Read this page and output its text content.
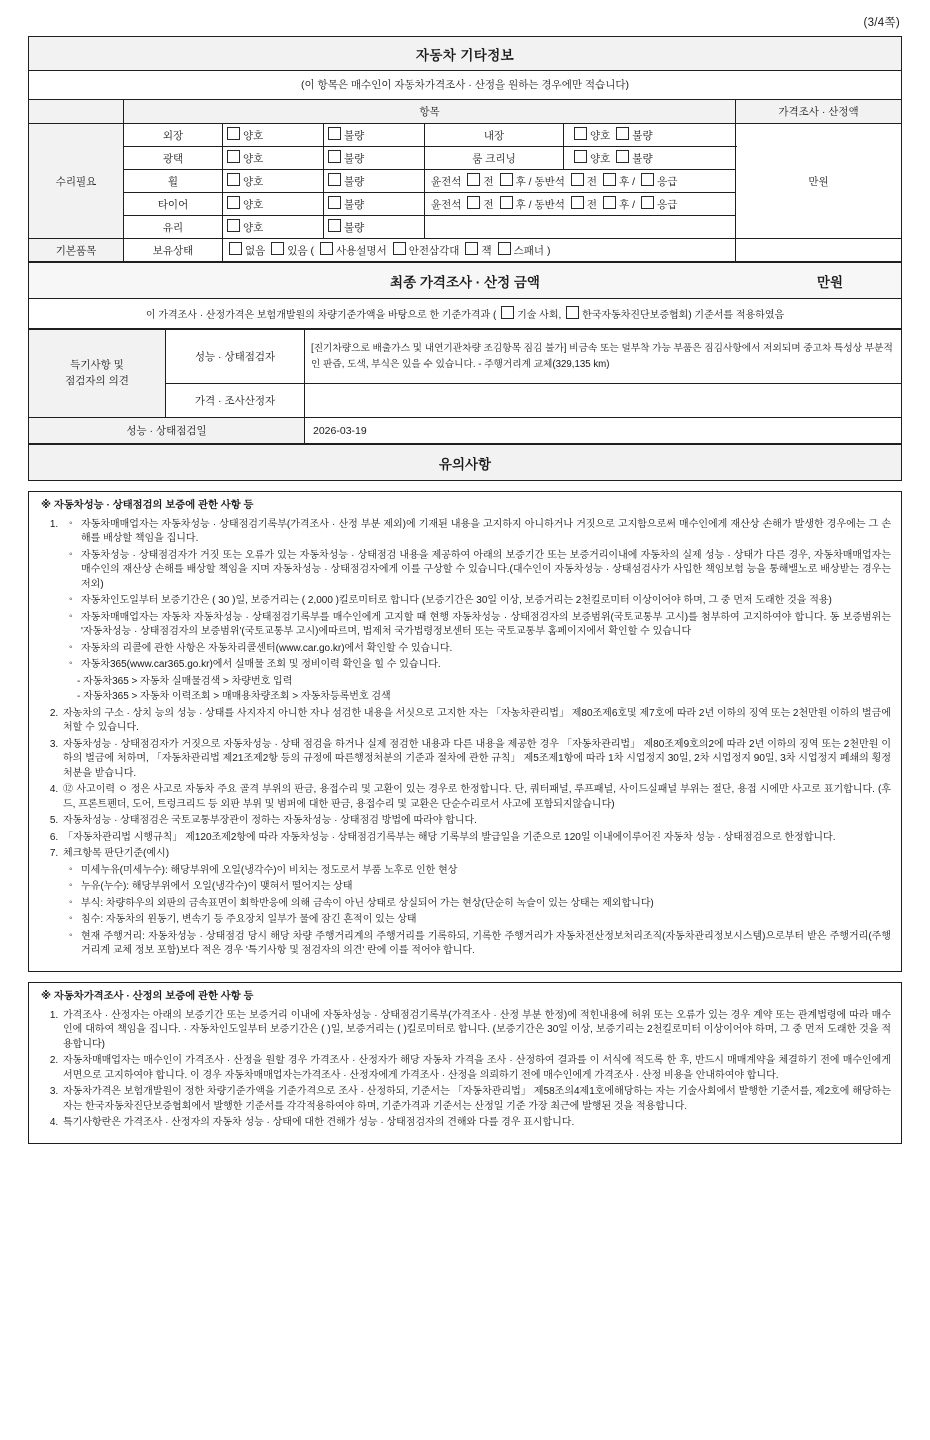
(3/4쪽)
자동차 기타정보						
(이 항목은 매수인이 자동차가격조사 · 산정을 원하는 경우에만 적습니다)						
	항목					가격조사 · 산정액
수리필요	외장	양호	불량	내장	양호 불량	만원
	광택	양호	불량	룸 크리닝	양호 불량	

휠	양호	불량	윤전석	전	후 / 동반석	전	후 /	응급

타이어	양호	불량	윤전석	전	후 / 동반석	전	후 /	응급

	유리	양호	불량			
기본품목	보유상태	없음	있음 (	사용설명서	안전삼각대	잭	스패너 )
최종 가격조사 · 산정 금액	만원

이 가격조사 · 산정가격은 보험개발원의 차량기준가액을 바탕으로 한 기준가격과 ( 기술 사회, 한국자동차진단보증협회) 기준서를 적용하였음
득기사항 및
점검자의 의견	성능 · 상태점검자	[진기차량으로 배출가스 및 내연기관차량 조김항목 짐김 불가] 비금속 또는 덜부착 가능 부품은 짐김사항에서 저외되며 중고차 특성상 부분적인 판즙, 도색, 부식은 있을 수 있습니다. - 주행거리계 교체(329,135 km)
	가격 · 조사산정자	
성능 · 상태점검일		2026-03-19
유의사항
※ 자동차성능 · 상태점검의 보증에 관한 사항 등
◦ 1. 자동차매매업자는 자동차성능 · 상태점검기록부(가격조사 · 산정 부분 제외)에 기재된 내용을 고지하지 아니하거나 거짓으로 고지함으로써 매수인에게 재산상 손해가 발생한 경우에는 그 손해를 배상할 책임을 집니다.
◦ 자동차성능 · 상태점검자가 거짓 또는 오류가 있는 자동차성능 · 상태점검 내용을 제공하여 아래의 보증기간 또는 보증거리이내에 자동차의 실제 성능 · 상태가 다른 경우, 자동차매매업자는 매수인의 재산상 손해를 배상할 책임을 지며 자동차성능 · 상태점검자에게 이를 구상할 수 있습니다.(대수인이 자동차성능 · 상태섬검사가 사입한 책임보험 능을 통해밸노로 배상받는 경우는 저외)
◦ 자동차인도일부터 보증기간은 ( 30 )일, 보증거리는 ( 2,000 )킬로미터로 합니다 (보증기간은 30일 이상, 보증거리는 2천킬로미터 이상이어야 하며, 그 중 먼저 도래한 것을 적용)
◦ 자동차매매업자는 자동차 자동차성능 · 상태점검기록부를 매수인에게 고지할 때 현행 자동차성능 · 상태점검자의 보증범위(국토교통부 고시)를 첨부하여 고지하여야 합니다. 동 보증범위는 '자동차성능 · 상태점검자의 보증범위'(국토교통부 고시)에따르며, 법제처 국가법령정보센터 또는 국토교통부 홈페이지에서 확인할 수 있습니다
◦ 자동차의 리콜에 관한 사항은 자동차리콜센터(www.car.go.kr)에서 확인할 수 있습니다.
◦ 자동차365(www.car365.go.kr)에서 실매물 조회 및 정비이력 확인을 힐 수 있습니다.
- 자동차365 > 자동차 실매물검색 > 차량번호 입력
- 자동차365 > 자동차 이력조회 > 매매용차량조회 > 자동차등록번호 검색
2. 자농차의 구소 · 상치 능의 성능 · 상태를 사지자지 아니한 자나 섬검한 내용을 서싯으로 고지한 자는 「자농차관리법」 제80조제6호및 제7호에 따라 2년 이하의 징역 또는 2천만원 이하의 벌금에 처할 수 있습니다.
3. 자동차성능 · 상태점검자가 거짓으로 자동차성능 · 상태 점검을 하거나 실제 점검한 내용과 다른 내용을 제공한 경우 「자동차관리법」 제80조제9호의2에 따라 2년 이하의 징역 또는 2천만원 이하의 벌금에 처하며, 「자동차관리법 제21조제2항 등의 규정에 따른행정처분의 기준과 절차에 관한 규칙」 제5조제1항에 따라 1차 시업정지 30일, 2차 시업정지 90일, 3차 시업정지 폐쇄의 횡정처분을 받습니다.
4. ⑫ 사고이력 ㅇ 정은 사고로 자동차 주요 골격 부위의 판금, 용접수리 및 고환이 있는 경우로 한정합니다. 단, 쿼터패널, 루프패널, 사이드실패널 부위는 절단, 용접 시에만 사고로 표기합니다. (후드, 프론트펜더, 도어, 트렁크리드 등 외판 부위 및 범퍼에 대한 판금, 용접수리 및 교환은 단순수리로서 사고에 포함되지않습니다)
5. 자동차성능 · 상태점검은 국토교통부장관이 정하는 자동차성능 · 상태점검 방법에 따라야 합니다.
6. 「자동차관리법 시행규칙」 제120조제2항에 따라 자동차성능 · 상태점검기록부는 해당 기록부의 발급일을 기준으로 120일 이내에이루어진 자동차 성능 · 상태점검으로 한정합니다.
7. 체크항목 판단기준(예시)
◦ 미세누유(미세누수): 해당부위에 오일(냉각수)이 비치는 정도로서 부품 노후로 인한 현상
◦ 누유(누수): 해당부위에서 오일(냉각수)이 맺혀서 떨어지는 상태
◦ 부식: 차량하우의 외판의 금속표면이 회학반응에 의해 금속이 아닌 상태로 상실되어 가는 현상(단순히 녹슬이 있는 상태는 제외합니다)
◦ 침수: 자동차의 윈동기, 변속기 등 주요장치 일부가 물에 잠긴 흔적이 있는 상태
◦ 현재 주행거리: 자동차성능 · 상태점검 당시 해당 차량 주행거리계의 주행거리를 기록하되, 기록한 주행거리가 자동차전산정보처리조직(자동차관리정보시스템)으로부터 받은 주행거리(주행거리계 교체 정보 포함)보다 적은 경우 '특기사항 및 점검자의 의견' 란에 이를 적어야 합니다.
※ 자동차가격조사 · 산정의 보증에 관한 사항 등
1. 가격조사 · 산정자는 아래의 보증기간 또는 보증거리 이내에 자동차성능 · 상태점검기록부(가격조사 · 산정 부분 한정)에 적힌내용에 허위 또는 오류가 있는 경우 계약 또는 관계법령에 따라 매수인에 대하여 책임을 집니다. · 자동차인도일부터 보증기간은 ( )일, 보증거리는 ( )킬로미터로 합니다. (보증기간은 30일 이상, 보증기리는 2천킬로미터 이상이어야 하며, 그 중 먼저 도래한 것을 적용합니다)
2. 자동차매매업자는 매수인이 가격조사 · 산정을 원할 경우 가격조사 · 산정자가 해당 자동차 가격을 조사 · 산정하여 결과를 이 서식에 적도록 한 후, 반드시 매매계약을 체결하기 전에 매수인에게 서면으로 고지하여야 합니다. 이 경우 자동차매매업자는가격조사 · 산정자에게 가격조사 · 산정을 의뢰하기 전에 매수인에게 가격조사 · 산정 비용을 안내하여야 합니다.
3. 자동차가격은 보험개발원이 정한 차량기준가액을 기준가격으로 조사 · 산정하되, 기준서는 「자동차관리법」 제58조의4제1호에해당하는 자는 기술사회에서 발행한 기준서를, 제2호에 해당하는 자는 한국자동차진단보증협회에서 발행한 기준서를 각각적용하여야 하며, 기준가격과 기준서는 산정일 기준 가장 최근에 발행된 것을 적용합니다.
4. 특기사항란은 가격조사 · 산정자의 자동차 성능 · 상태에 대한 견해가 성능 · 상태점검자의 견해와 다를 경우 표시합니다.
